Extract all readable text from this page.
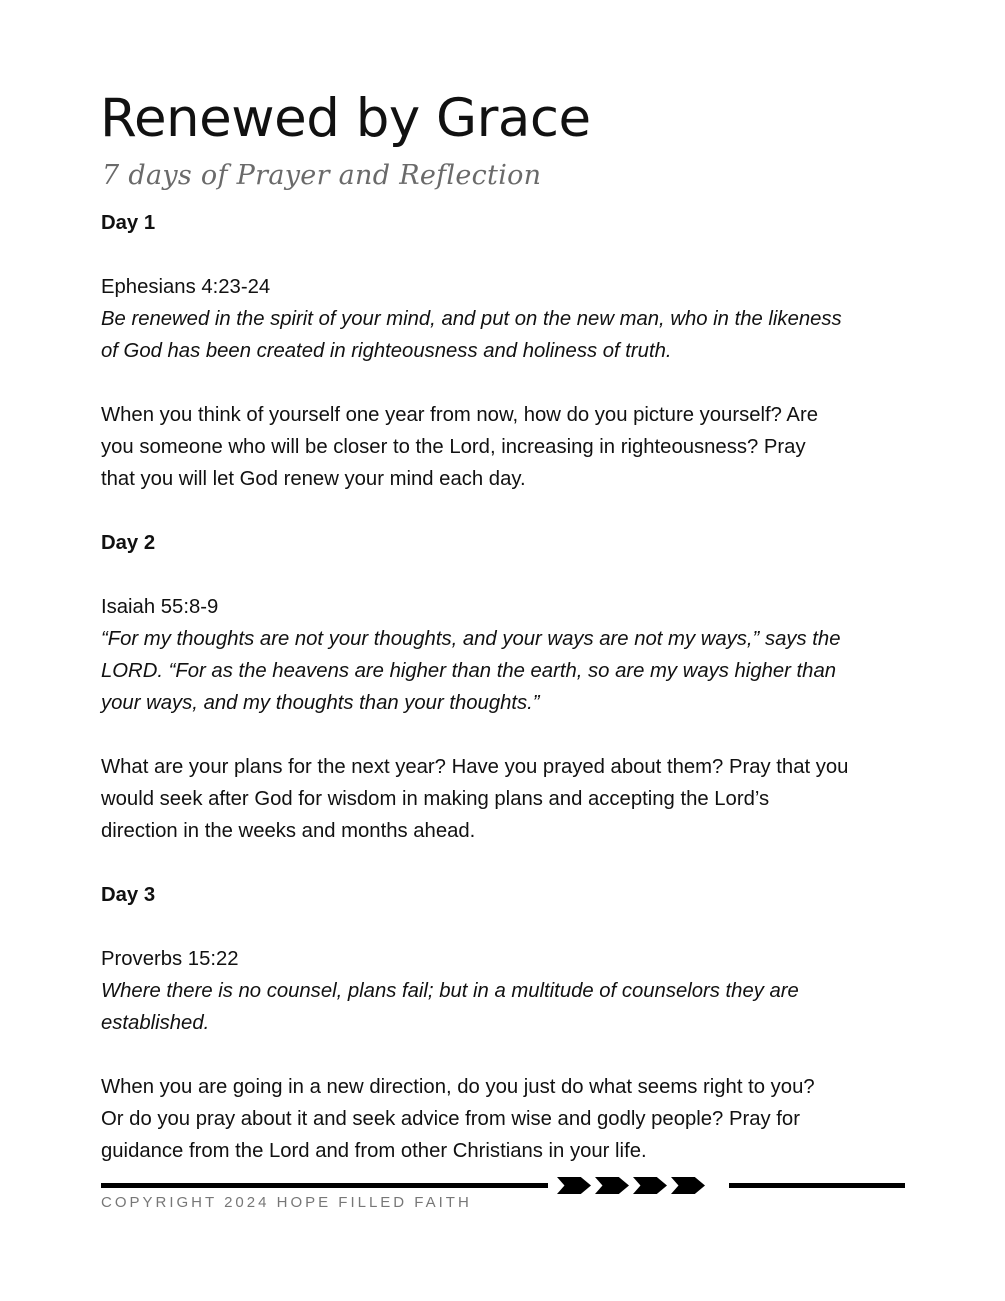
Renewed by Grace
7 days of Prayer and Reflection
Day 1
Ephesians 4:23-24
Be renewed in the spirit of your mind, and put on the new man, who in the likeness
of God has been created in righteousness and holiness of truth.
When you think of yourself one year from now, how do you picture yourself? Are
you someone who will be closer to the Lord, increasing in righteousness? Pray
that you will let God renew your mind each day.
Day 2
Isaiah 55:8-9
“For my thoughts are not your thoughts, and your ways are not my ways,” says the
LORD. “For as the heavens are higher than the earth, so are my ways higher than
your ways, and my thoughts than your thoughts.”
What are your plans for the next year? Have you prayed about them? Pray that you
would seek after God for wisdom in making plans and accepting the Lord’s
direction in the weeks and months ahead.
Day 3
Proverbs 15:22
Where there is no counsel, plans fail; but in a multitude of counselors they are
established.
When you are going in a new direction, do you just do what seems right to you?
Or do you pray about it and seek advice from wise and godly people? Pray for
guidance from the Lord and from other Christians in your life.
COPYRIGHT 2024 HOPE FILLED FAITH
